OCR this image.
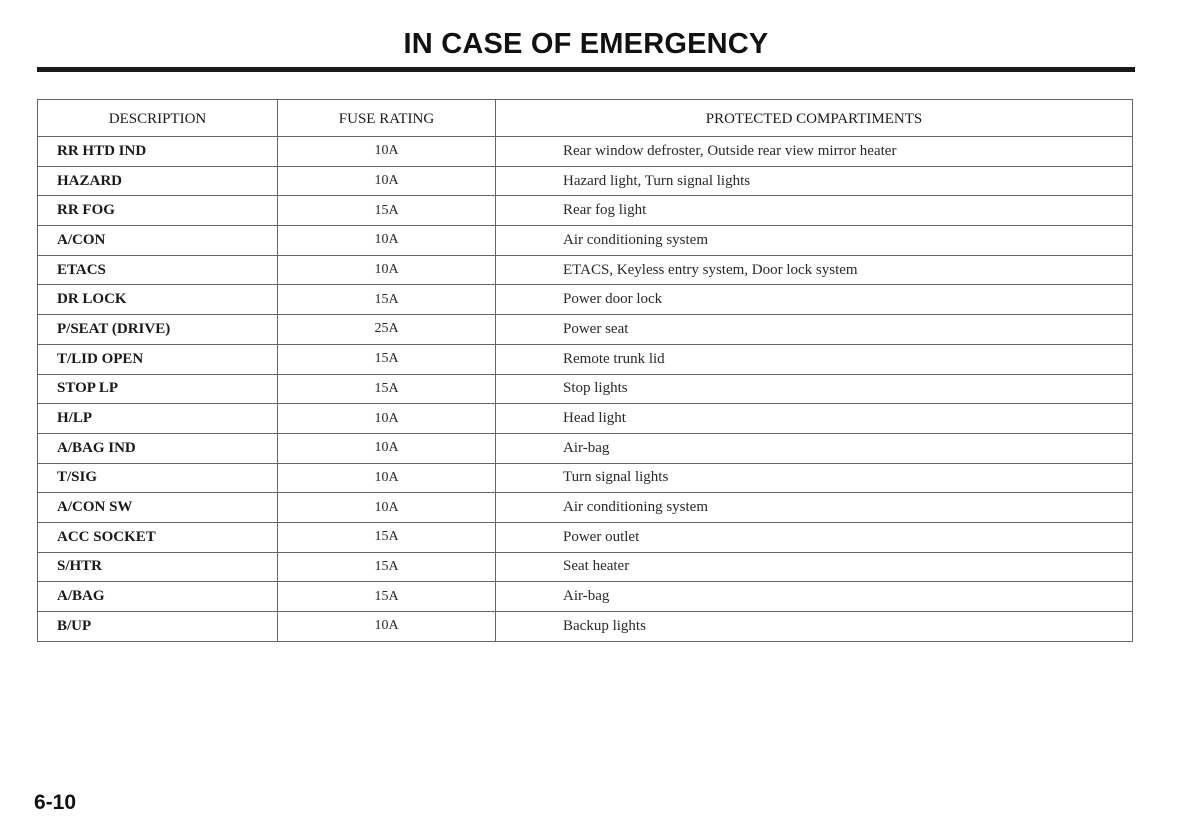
IN CASE OF EMERGENCY
DESCRIPTION	FUSE RATING	PROTECTED COMPARTIMENTS
RR HTD IND	10A	Rear window defroster, Outside rear view mirror heater
HAZARD	10A	Hazard light, Turn signal lights
RR FOG	15A	Rear fog light
A/CON	10A	Air conditioning system
ETACS	10A	ETACS, Keyless entry system, Door lock system
DR LOCK	15A	Power door lock
P/SEAT (DRIVE)	25A	Power seat
T/LID OPEN	15A	Remote trunk lid
STOP LP	15A	Stop lights
H/LP	10A	Head light
A/BAG IND	10A	Air-bag
T/SIG	10A	Turn signal lights
A/CON SW	10A	Air conditioning system
ACC SOCKET	15A	Power outlet
S/HTR	15A	Seat heater
A/BAG	15A	Air-bag
B/UP	10A	Backup lights
6-10
